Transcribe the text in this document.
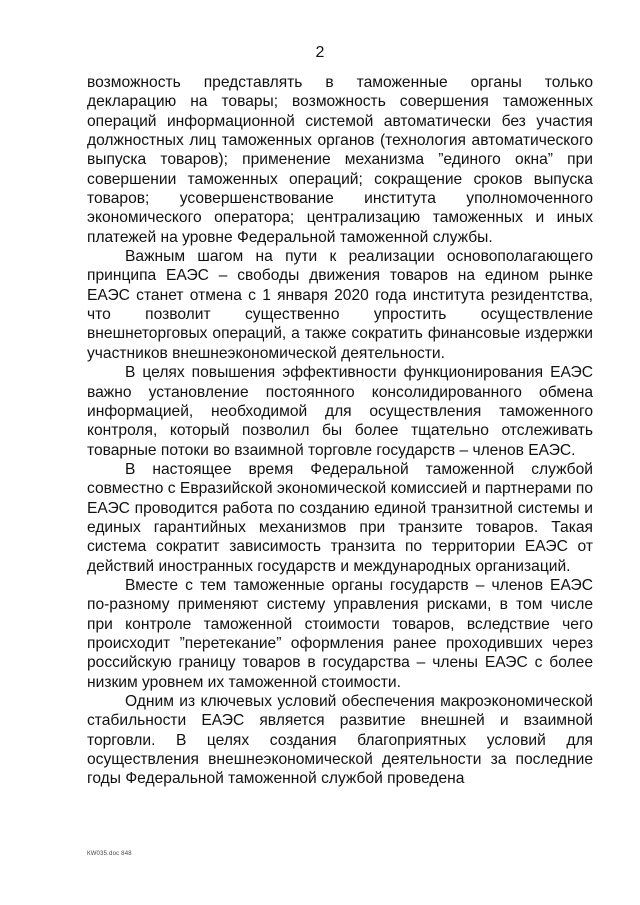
2

возможность представлять в таможенные органы только декларацию на товары; возможность совершения таможенных операций информационной системой автоматически без участия должностных лиц таможенных органов (технология автоматического выпуска товаров); применение механизма ”единого окна” при совершении таможенных операций; сокращение сроков выпуска товаров; усовершенствование института уполномоченного экономического оператора; централизацию таможенных и иных платежей на уровне Федеральной таможенной службы.

Важным шагом на пути к реализации основополагающего принципа ЕАЭС – свободы движения товаров на едином рынке ЕАЭС станет отмена с 1 января 2020 года института резидентства, что позволит существенно упростить осуществление внешнеторговых операций, а также сократить финансовые издержки участников внешнеэкономической деятельности.

В целях повышения эффективности функционирования ЕАЭС важно установление постоянного консолидированного обмена информацией, необходимой для осуществления таможенного контроля, который позволил бы более тщательно отслеживать товарные потоки во взаимной торговле государств – членов ЕАЭС.

В настоящее время Федеральной таможенной службой совместно с Евразийской экономической комиссией и партнерами по ЕАЭС проводится работа по созданию единой транзитной системы и единых гарантийных механизмов при транзите товаров. Такая система сократит зависимость транзита по территории ЕАЭС от действий иностранных государств и международных организаций.

Вместе с тем таможенные органы государств – членов ЕАЭС по-разному применяют систему управления рисками, в том числе при контроле таможенной стоимости товаров, вследствие чего происходит ”перетекание” оформления ранее проходивших через российскую границу товаров в государства – члены ЕАЭС с более низким уровнем их таможенной стоимости.

Одним из ключевых условий обеспечения макроэкономической стабильности ЕАЭС является развитие внешней и взаимной торговли. В целях создания благоприятных условий для осуществления внешнеэкономической деятельности за последние годы Федеральной таможенной службой проведена

КW035.doc 848
